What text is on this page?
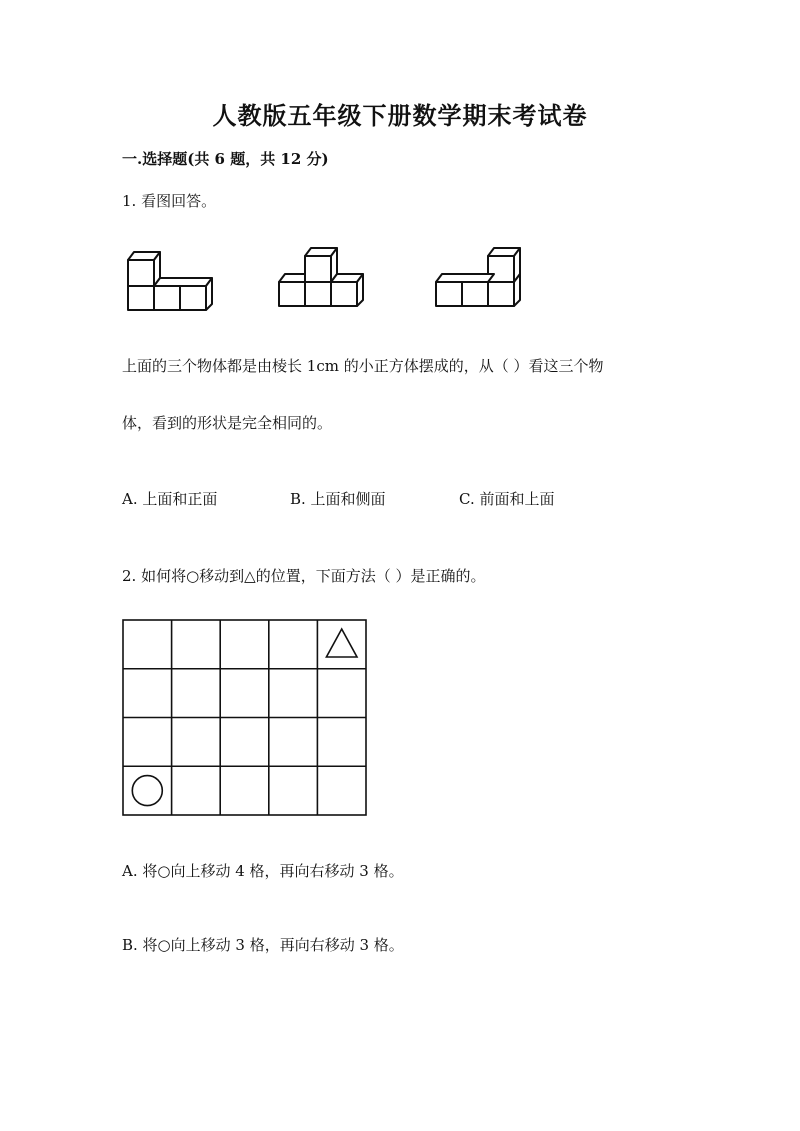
人教版五年级下册数学期末考试卷
一.选择题(共 6 题，共 12 分)
1. 看图回答。
上面的三个物体都是由棱长 1cm 的小正方体摆成的，从（ ）看这三个物
体，看到的形状是完全相同的。
A. 上面和正面	B. 上面和侧面	C. 前面和上面
2. 如何将○移动到△的位置，下面方法（ ）是正确的。
A. 将○向上移动 4 格，再向右移动 3 格。
B. 将○向上移动 3 格，再向右移动 3 格。
